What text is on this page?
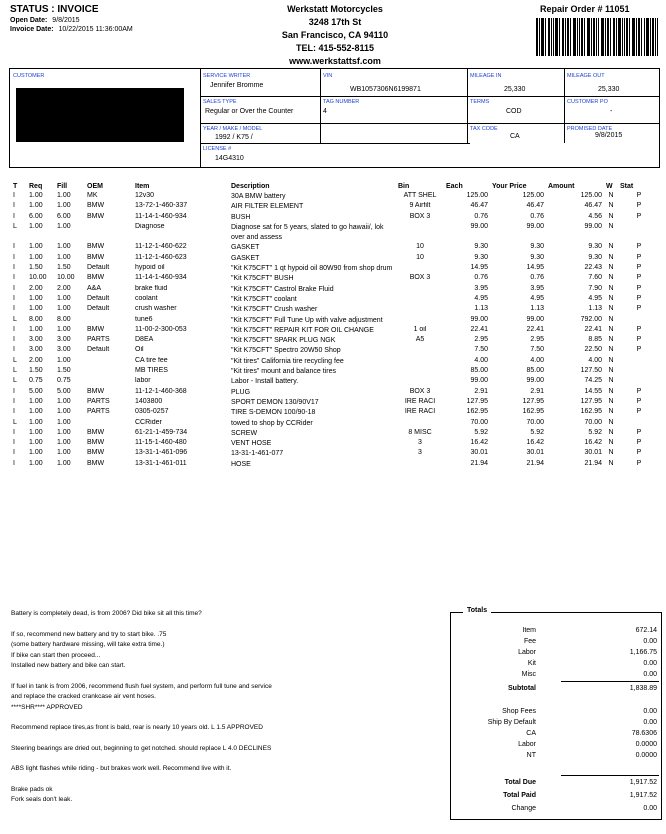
STATUS : INVOICE
Open Date: 9/8/2015
Invoice Date: 10/22/2015 11:36:00AM
Werkstatt Motorcycles
3248 17th St
San Francisco, CA 94110
TEL: 415-552-8115
www.werkstattsf.com
Repair Order # 11051
CUSTOMER	SERVICE WRITER
Jennifer Bromme
VIN
WB1057306N6199871
MILEAGE IN
25,330
MILEAGE OUT
25,330
SALES TYPE
Regular or Over the Counter
TAG NUMBER
4
TERMS
COD
CUSTOMER PO
-
YEAR / MAKE / MODEL
1992 / K75 /
TAX CODE
CA
PROMISED DATE
9/8/2015
LICENSE #
14G4310
T	Req	Fill	OEM	Item	Description	Bin	Each	Your Price	Amount	W	Stat
I	1.00	1.00	MK	12v30	30A BMW battery	ATT SHEL	125.00	125.00	125.00	N	P
I	1.00	1.00	BMW	13-72-1-460-337	AIR FILTER ELEMENT	9 Airfilt	46.47	46.47	46.47	N	P
I	6.00	6.00	BMW	11-14-1-460-934	BUSH	BOX 3	0.76	0.76	4.56	N	P
L	1.00	1.00		Diagnose	Diagnose sat for 5 years, slated to go hawaii/, lok over and assess		99.00	99.00	99.00	N	
I	1.00	1.00	BMW	11-12-1-460-622	GASKET	10	9.30	9.30	9.30	N	P
I	1.00	1.00	BMW	11-12-1-460-623	GASKET	10	9.30	9.30	9.30	N	P
I	1.50	1.50	Default	hypoid oil	"Kit K75CFT" 1 qt hypoid oil 80W90 from shop drum		14.95	14.95	22.43	N	P
I	10.00	10.00	BMW	11-14-1-460-934	"Kit K75CFT" BUSH	BOX 3	0.76	0.76	7.60	N	P
I	2.00	2.00	A&A	brake fluid	"Kit K75CFT" Castrol Brake Fluid		3.95	3.95	7.90	N	P
I	1.00	1.00	Default	coolant	"Kit K75CFT" coolant		4.95	4.95	4.95	N	P
I	1.00	1.00	Default	crush washer	"Kit K75CFT" Crush washer		1.13	1.13	1.13	N	P
L	8.00	8.00		tune6	"Kit K75CFT" Full Tune Up with valve adjustment		99.00	99.00	792.00	N	
I	1.00	1.00	BMW	11-00-2-300-053	"Kit K75CFT" REPAIR KIT FOR OIL CHANGE	1 oil	22.41	22.41	22.41	N	P
I	3.00	3.00	PARTS	D8EA	"Kit K75CFT" SPARK PLUG NGK	A5	2.95	2.95	8.85	N	P
I	3.00	3.00	Default	Oil	"Kit K75CFT" Spectro 20W50 Shop		7.50	7.50	22.50	N	P
L	2.00	1.00		CA tire fee	"Kit tires" California tire recycling fee		4.00	4.00	4.00	N	
L	1.50	1.50		MB TIRES	"Kit tires" mount and balance tires		85.00	85.00	127.50	N	
L	0.75	0.75		labor	Labor - Install battery.		99.00	99.00	74.25	N	
I	5.00	5.00	BMW	11-12-1-460-368	PLUG	BOX 3	2.91	2.91	14.55	N	P
I	1.00	1.00	PARTS	1403800	SPORT DEMON 130/90V17	IRE RACI	127.95	127.95	127.95	N	P
I	1.00	1.00	PARTS	0305-0257	TIRE S-DEMON 100/90-18	IRE RACI	162.95	162.95	162.95	N	P
L	1.00	1.00		CCRider	towed to shop by CCRider		70.00	70.00	70.00	N	
I	1.00	1.00	BMW	61-21-1-459-734	SCREW	8 MISC	5.92	5.92	5.92	N	P
I	1.00	1.00	BMW	11-15-1-460-480	VENT HOSE	3	16.42	16.42	16.42	N	P
I	1.00	1.00	BMW	13-31-1-461-096	13-31-1-461-077	3	30.01	30.01	30.01	N	P
I	1.00	1.00	BMW	13-31-1-461-011	HOSE		21.94	21.94	21.94	N	P

Battery is completely dead, is from 2006? Did bike sit all this time?

If so, recommend new battery and try to start bike. .75

(some battery hardware missing, will take extra time.)

If bike can start then proceed...

Installed new battery and bike can start.

If fuel in tank is from 2006, recommend flush fuel system, and perform full tune and service

and replace the cracked crankcase air vent hoses.

****SHR**** APPROVED

Recommend replace tires,as front is bald, rear is nearly 10 years old. L 1.5 APPROVED

Steering bearings are dried out, beginning to get notched. should replace L 4.0 DECLINES

ABS light flashes while riding - but brakes work well. Recommend live with it.

Brake pads ok

Fork seals don't leak.

Item	672.14
Fee	0.00
Labor	1,166.75
Kit	0.00
Misc	0.00
Subtotal	1,838.89
Shop Fees	0.00
Ship By Default	0.00
CA	78.6306
Labor	0.0000
NT	0.0000
Total Due	1,917.52
Total Paid	1,917.52
Change	0.00
Totals
